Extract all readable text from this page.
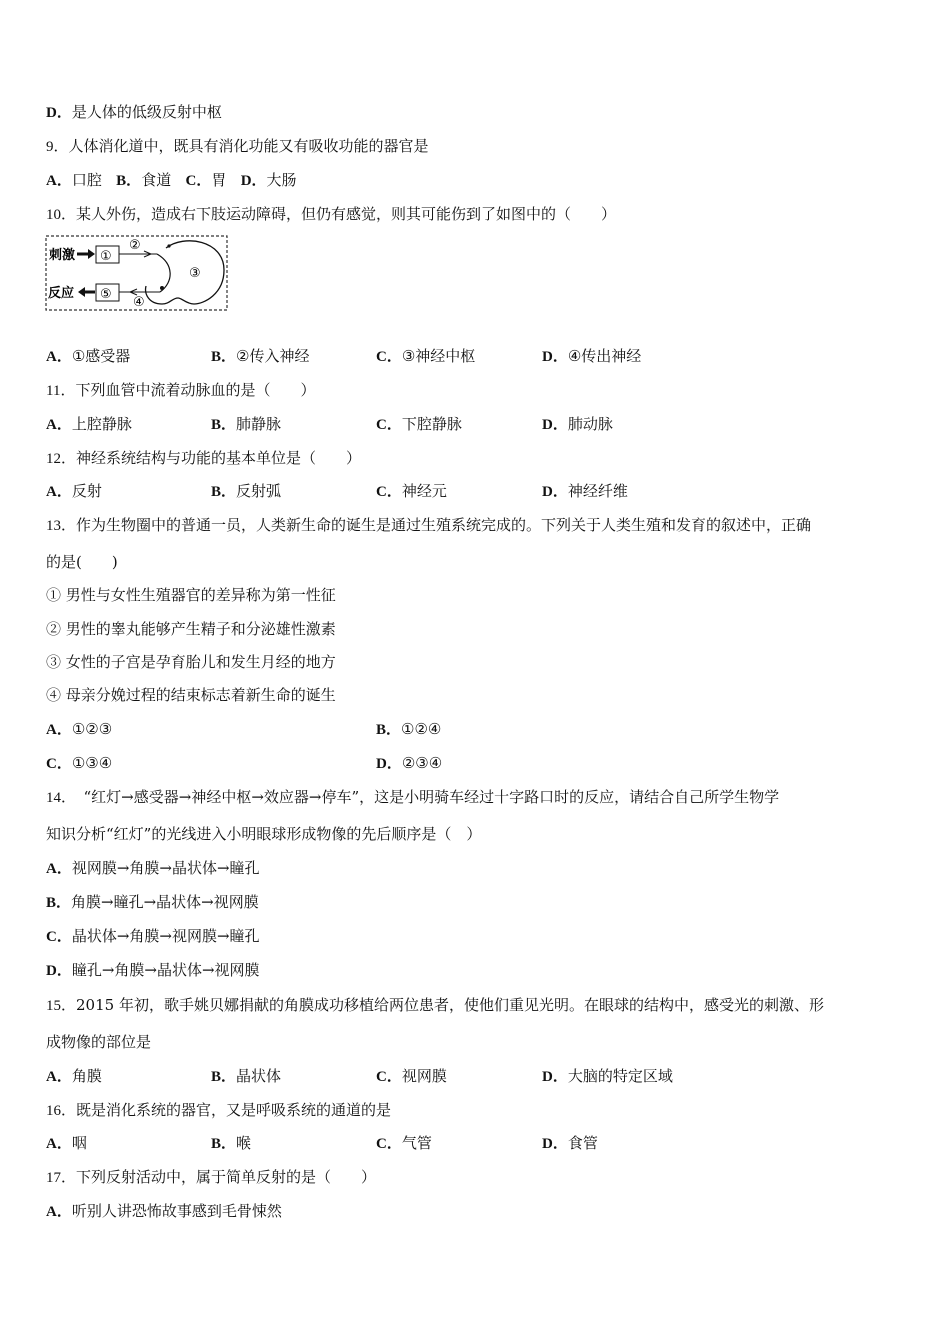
D．是人体的低级反射中枢
9．人体消化道中，既具有消化功能又有吸收功能的器官是
A．口腔 B．食道 C．胃 D．大肠
10．某人外伤，造成右下肢运动障碍，但仍有感觉，则其可能伤到了如图中的（　　）
刺激 ①
②
③
④
⑤
反应
A．①感受器	B．②传入神经	C．③神经中枢	D．④传出神经
11．下列血管中流着动脉血的是（　　）
A．上腔静脉	B．肺静脉	C．下腔静脉	D．肺动脉
12．神经系统结构与功能的基本单位是（　　）
A．反射	B．反射弧	C．神经元	D．神经纤维
13．作为生物圈中的普通一员，人类新生命的诞生是通过生殖系统完成的。下列关于人类生殖和发育的叙述中，正确
的是(　　)
① 男性与女性生殖器官的差异称为第一性征
② 男性的睾丸能够产生精子和分泌雄性激素
③ 女性的子宫是孕育胎儿和发生月经的地方
④ 母亲分娩过程的结束标志着新生命的诞生
A．①②③	B．①②④
C．①③④	D．②③④
14．　“红灯→感受器→神经中枢→效应器→停车”，这是小明骑车经过十字路口时的反应，请结合自己所学生物学
知识分析“红灯”的光线进入小明眼球形成物像的先后顺序是（　）
A．视网膜→角膜→晶状体→瞳孔
B．角膜→瞳孔→晶状体→视网膜
C．晶状体→角膜→视网膜→瞳孔
D．瞳孔→角膜→晶状体→视网膜
15．2015 年初，歌手姚贝娜捐献的角膜成功移植给两位患者，使他们重见光明。在眼球的结构中，感受光的刺激、形
成物像的部位是
A．角膜	B．晶状体	C．视网膜	D．大脑的特定区域
16．既是消化系统的器官，又是呼吸系统的通道的是
A．咽	B．喉	C．气管	D．食管
17．下列反射活动中，属于简单反射的是（　　）
A．听别人讲恐怖故事感到毛骨悚然
